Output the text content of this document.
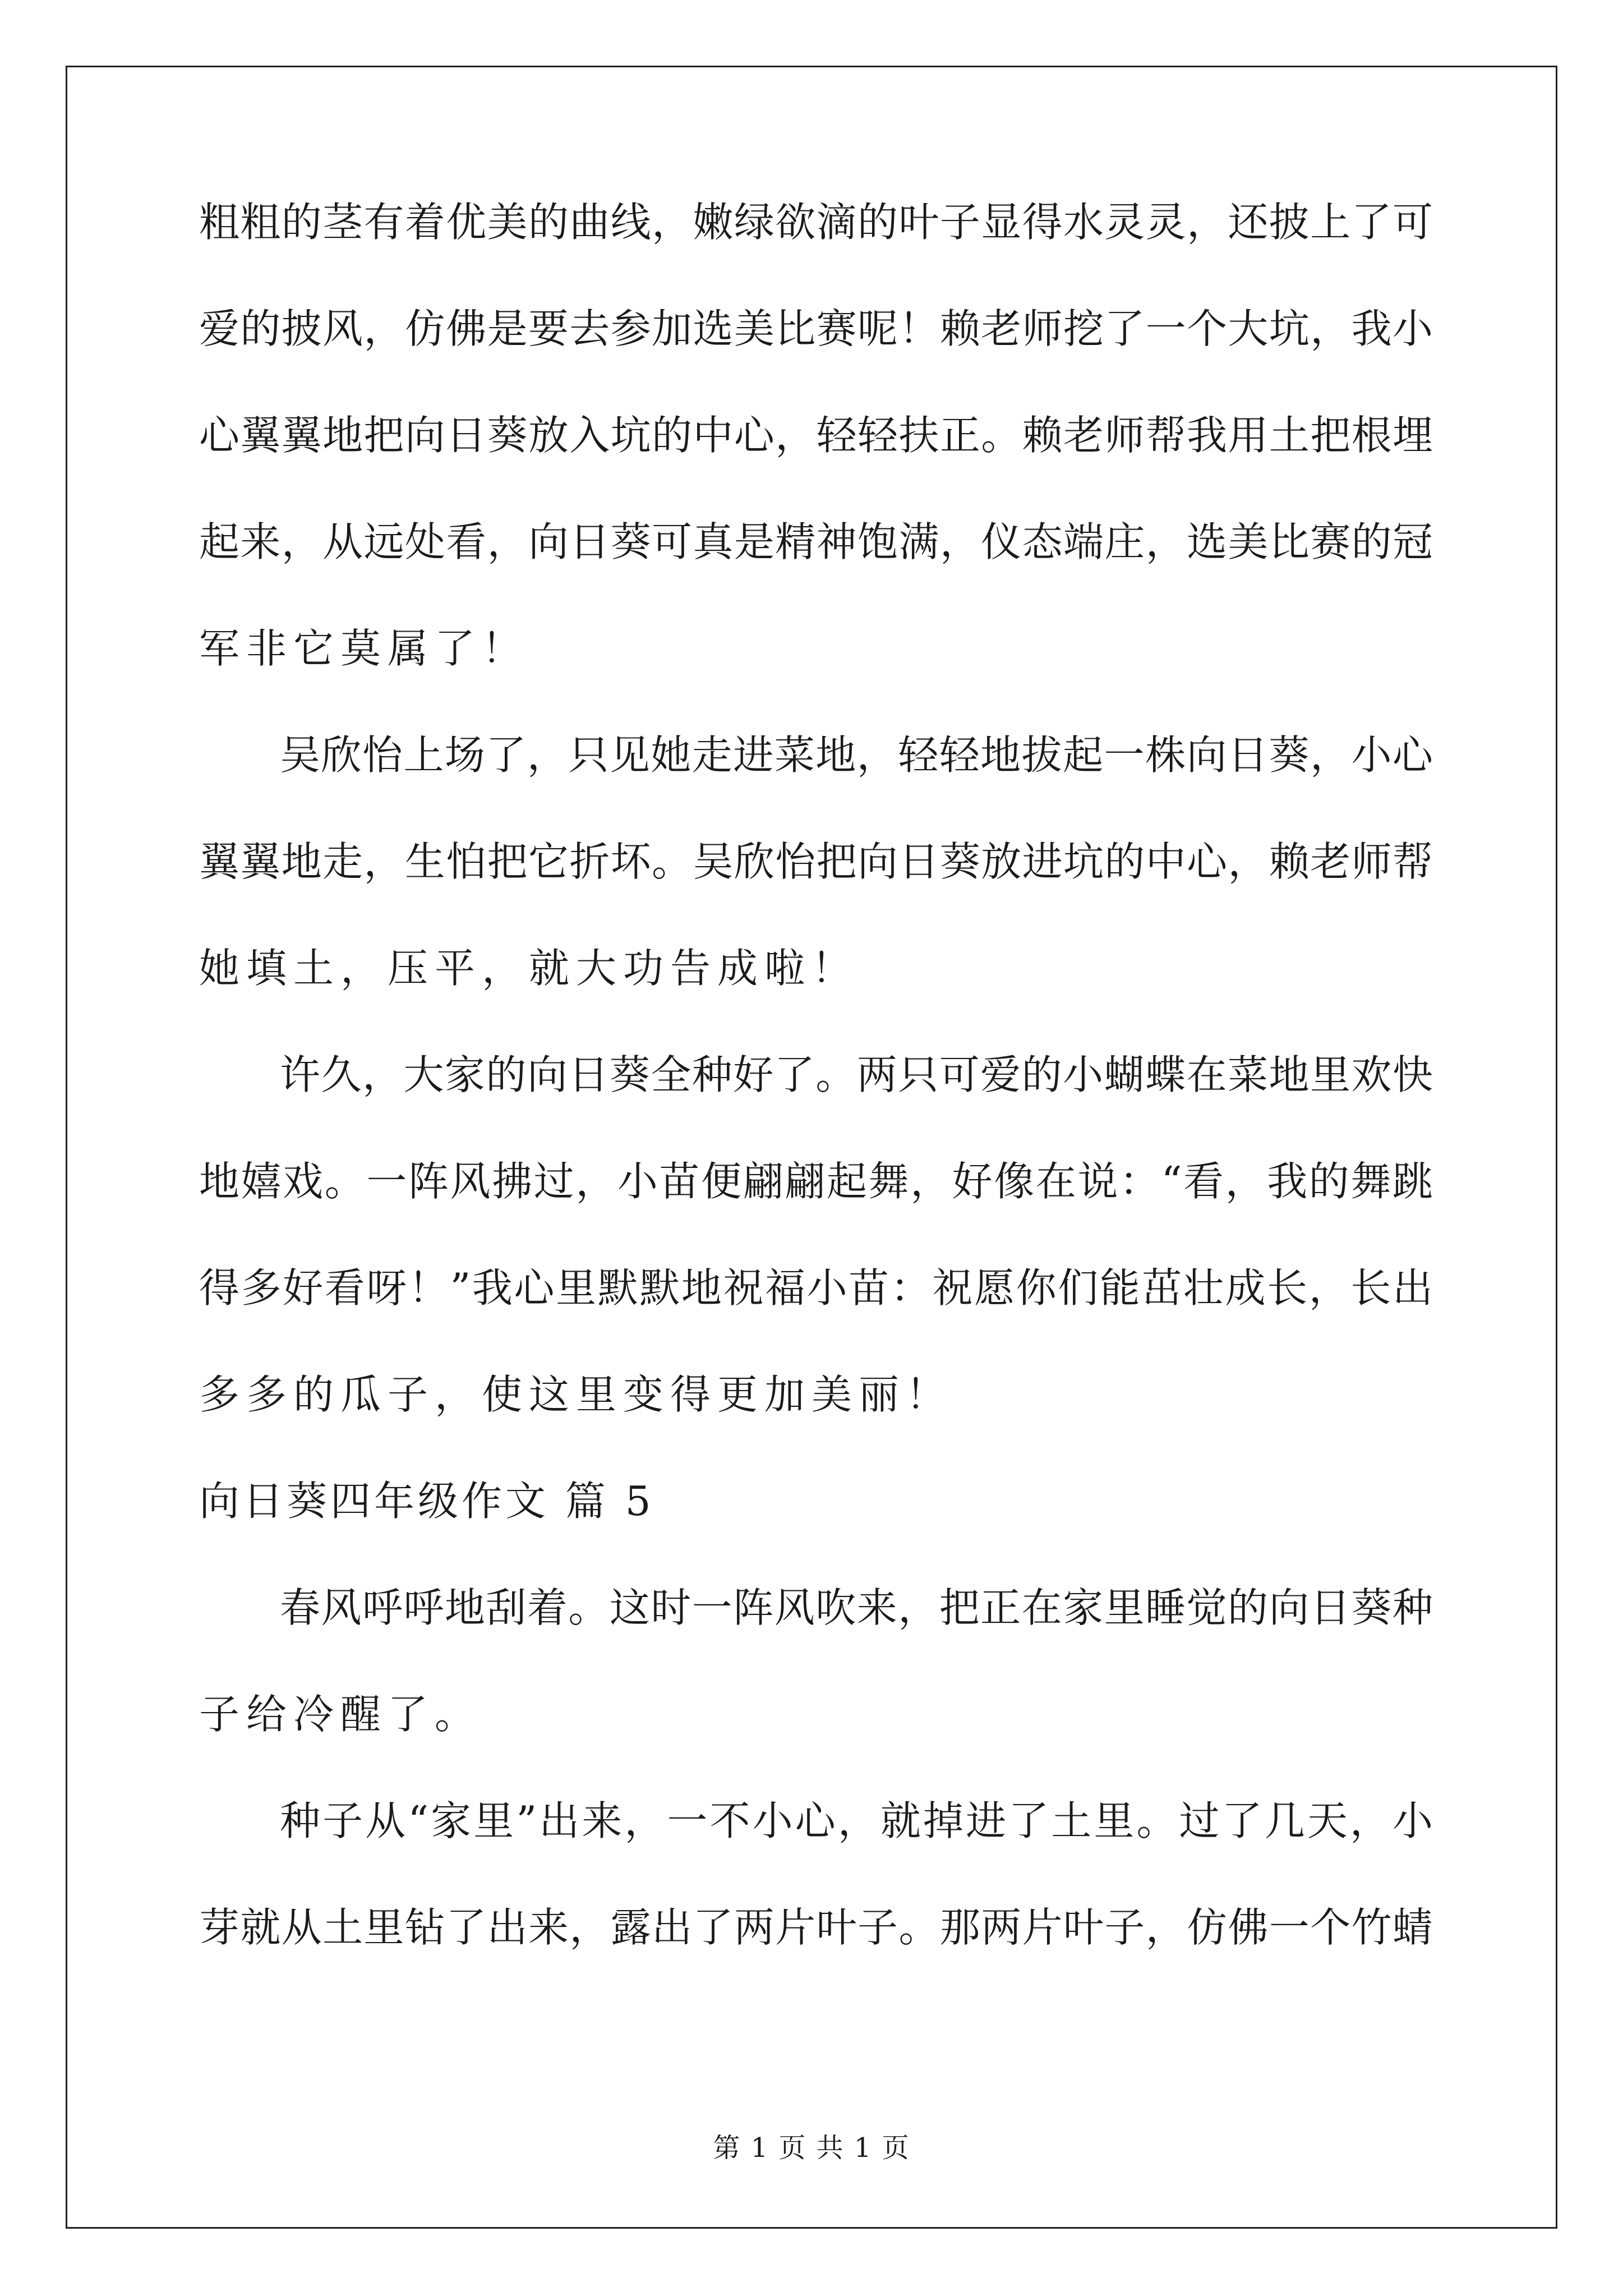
粗粗的茎有着优美的曲线，嫩绿欲滴的叶子显得水灵灵，还披上了可
爱的披风，仿佛是要去参加选美比赛呢！赖老师挖了一个大坑，我小
心翼翼地把向日葵放入坑的中心，轻轻扶正。赖老师帮我用土把根埋
起来，从远处看，向日葵可真是精神饱满，仪态端庄，选美比赛的冠
军非它莫属了！
吴欣怡上场了，只见她走进菜地，轻轻地拔起一株向日葵，小心
翼翼地走，生怕把它折坏。吴欣怡把向日葵放进坑的中心，赖老师帮
她填土，压平，就大功告成啦！
许久，大家的向日葵全种好了。两只可爱的小蝴蝶在菜地里欢快
地嬉戏。一阵风拂过，小苗便翩翩起舞，好像在说：“看，我的舞跳
得多好看呀！”我心里默默地祝福小苗：祝愿你们能茁壮成长，长出
多多的瓜子，使这里变得更加美丽！
向日葵四年级作文 篇 5
春风呼呼地刮着。这时一阵风吹来，把正在家里睡觉的向日葵种
子给冷醒了。
种子从“家里”出来，一不小心，就掉进了土里。过了几天，小
芽就从土里钻了出来，露出了两片叶子。那两片叶子，仿佛一个竹蜻
第 1 页 共 1 页
